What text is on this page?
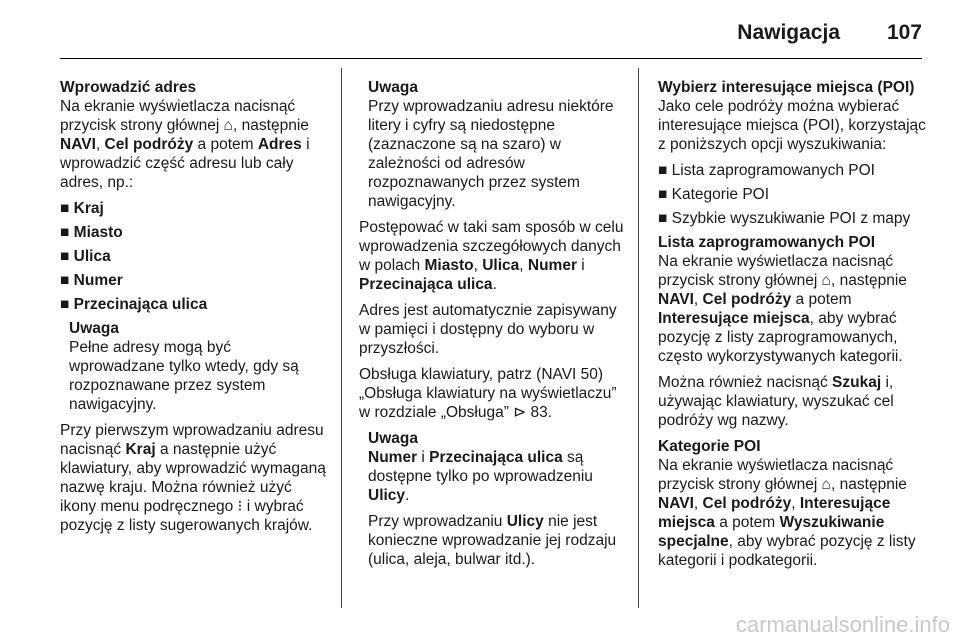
Nawigacja 107
Wprowadzić adres
Na ekranie wyświetlacza nacisnąć przycisk strony głównej ⌂, następnie NAVI, Cel podróży a potem Adres i wprowadzić część adresu lub cały adres, np.:
■ Kraj
■ Miasto
■ Ulica
■ Numer
■ Przecinająca ulica
Uwaga
Pełne adresy mogą być wprowadzane tylko wtedy, gdy są rozpoznawane przez system nawigacyjny.
Przy pierwszym wprowadzaniu adresu nacisnąć Kraj a następnie użyć klawiatury, aby wprowadzić wymaganą nazwę kraju. Można również użyć ikony menu podręcznego ⁝ i wybrać pozycję z listy sugerowanych krajów.
Uwaga
Przy wprowadzaniu adresu niektóre litery i cyfry są niedostępne (zaznaczone są na szaro) w zależności od adresów rozpoznawanych przez system nawigacyjny.
Postępować w taki sam sposób w celu wprowadzenia szczegółowych danych w polach Miasto, Ulica, Numer i Przecinająca ulica.
Adres jest automatycznie zapisywany w pamięci i dostępny do wyboru w przyszłości.
Obsługa klawiatury, patrz (NAVI 50) „Obsługa klawiatury na wyświetlaczu” w rozdziale „Obsługa” ⊳ 83.
Uwaga
Numer i Przecinająca ulica są dostępne tylko po wprowadzeniu Ulicy.
Przy wprowadzaniu Ulicy nie jest konieczne wprowadzanie jej rodzaju (ulica, aleja, bulwar itd.).
Wybierz interesujące miejsca (POI)
Jako cele podróży można wybierać interesujące miejsca (POI), korzystając z poniższych opcji wyszukiwania:
■ Lista zaprogramowanych POI
■ Kategorie POI
■ Szybkie wyszukiwanie POI z mapy
Lista zaprogramowanych POI
Na ekranie wyświetlacza nacisnąć przycisk strony głównej ⌂, następnie NAVI, Cel podróży a potem Interesujące miejsca, aby wybrać pozycję z listy zaprogramowanych, często wykorzystywanych kategorii.
Można również nacisnąć Szukaj i, używając klawiatury, wyszukać cel podróży wg nazwy.
Kategorie POI
Na ekranie wyświetlacza nacisnąć przycisk strony głównej ⌂, następnie NAVI, Cel podróży, Interesujące miejsca a potem Wyszukiwanie specjalne, aby wybrać pozycję z listy kategorii i podkategorii.
carmanualsonline.info
